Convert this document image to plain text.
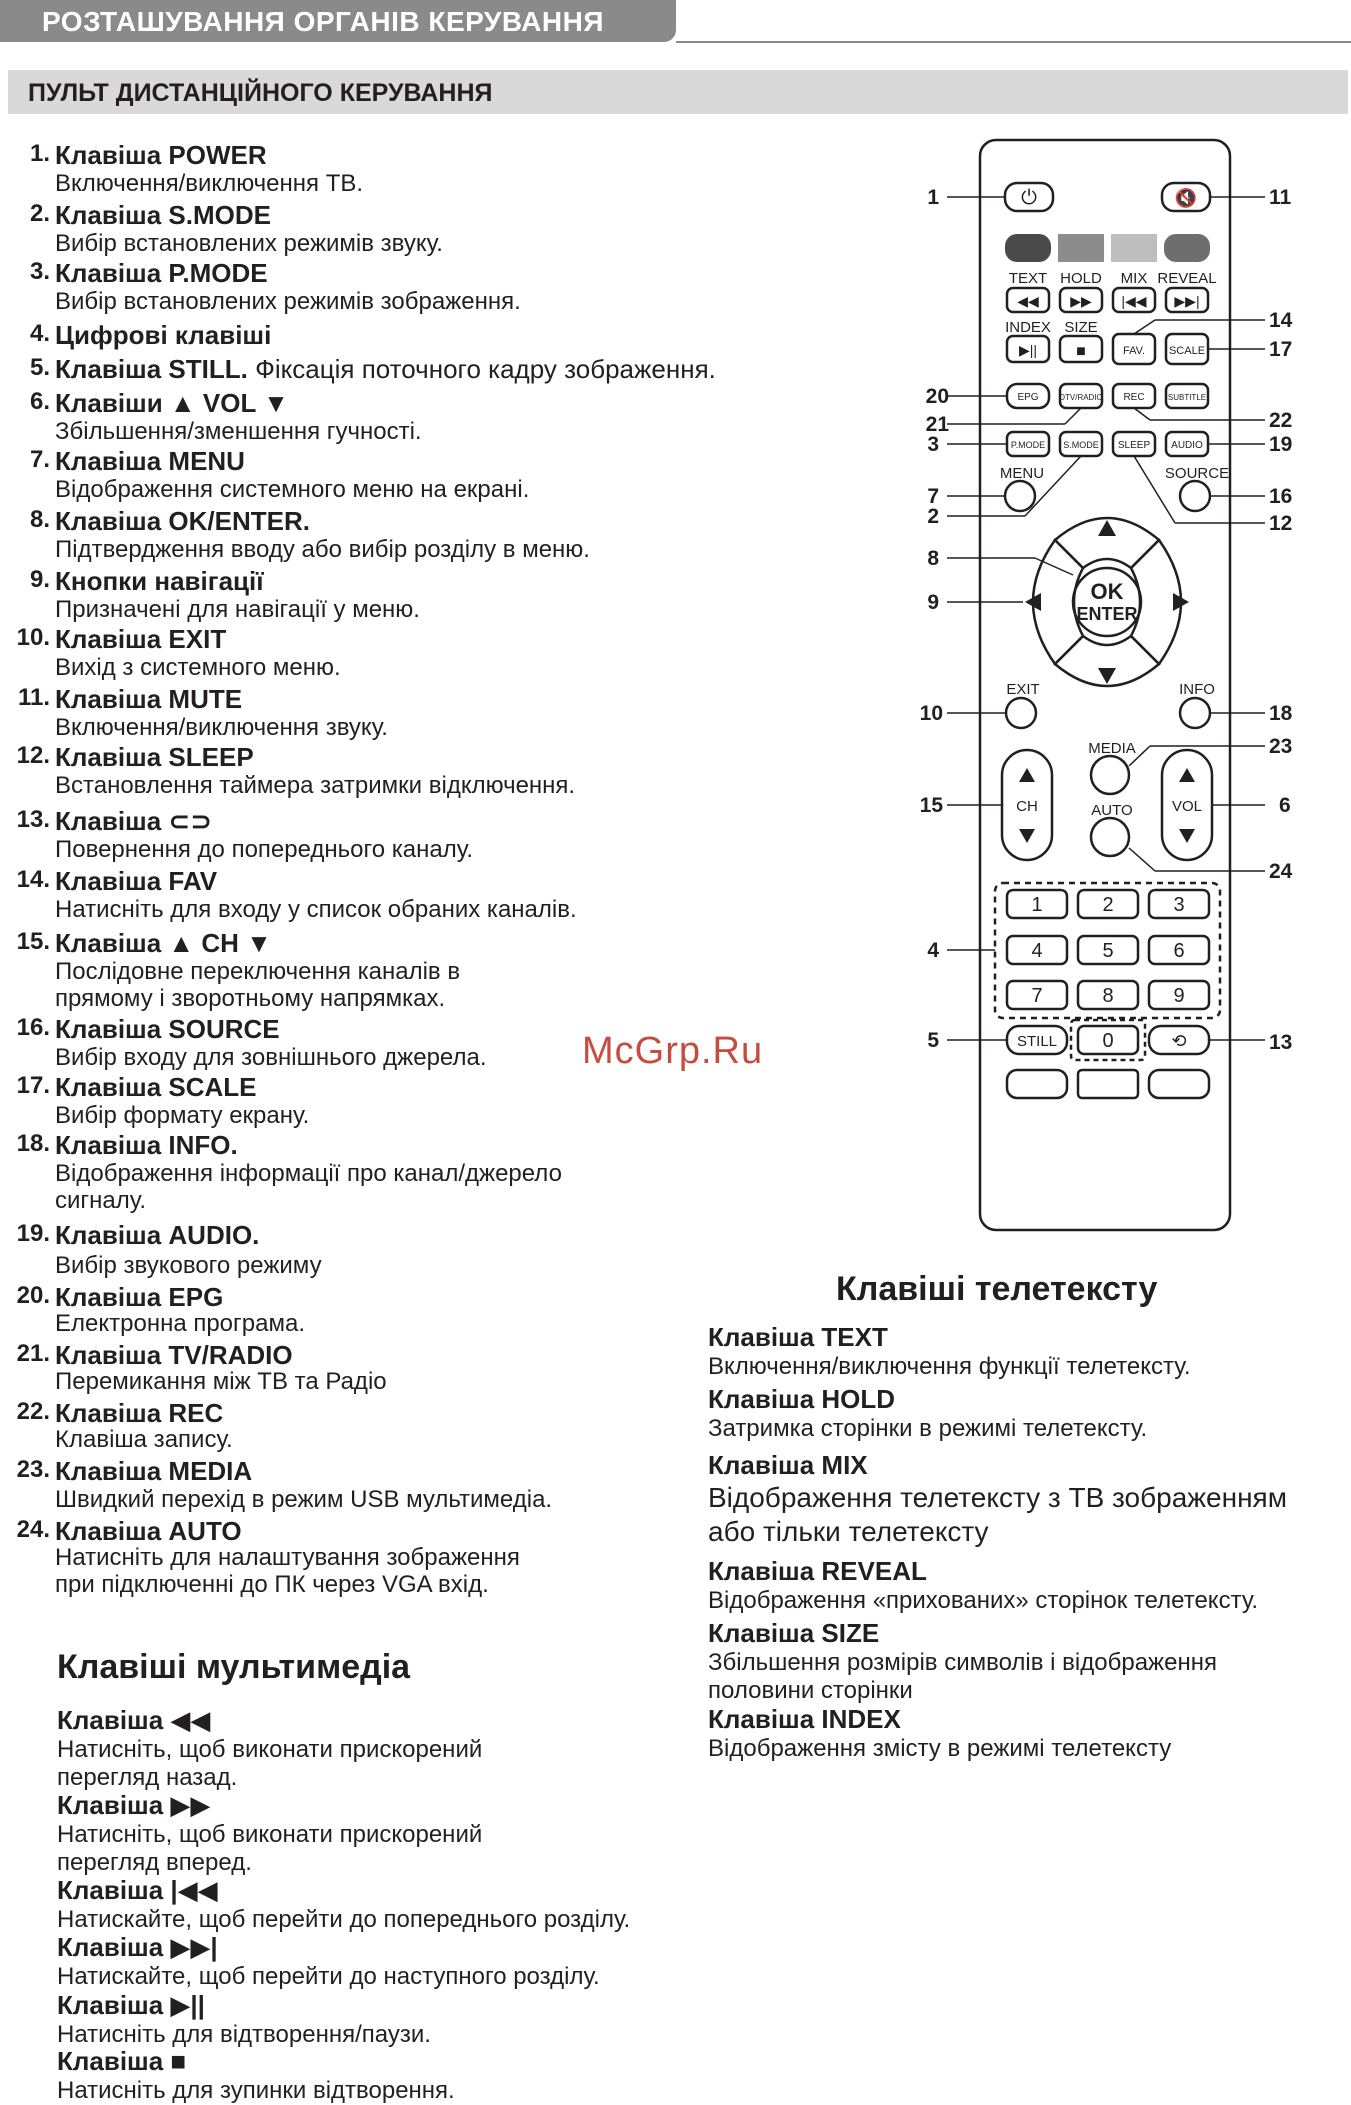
РОЗТАШУВАННЯ ОРГАНІВ КЕРУВАННЯ
ПУЛЬТ ДИСТАНЦІЙНОГО КЕРУВАННЯ
1. Клавіша POWER
Включення/виключення ТВ.
2. Клавіша S.MODE
Вибір встановлених режимів звуку.
3. Клавіша P.MODE
Вибір встановлених режимів зображення.
4. Цифрові клавіші
5. Клавіша STILL. Фіксація поточного кадру зображення.
6. Клавіши ▲ VOL ▼
Збільшення/зменшення гучності.
7. Клавіша MENU
Відображення системного меню на екрані.
8. Клавіша OK/ENTER.
Підтвердження вводу або вибір розділу в меню.
9. Кнопки навігації
Призначені для навігації у меню.
10. Клавіша EXIT
Вихід з системного меню.
11. Клавіша MUTE
Включення/виключення звуку.
12. Клавіша SLEEP
Встановлення таймера затримки відключення.
13. Клавіша ⊂⊃
Повернення до попереднього каналу.
14. Клавіша FAV
Натисніть для входу у список обраних каналів.
15. Клавіша ▲ CH ▼
Послідовне переключення каналів в
прямому і зворотньому напрямках.
16. Клавіша SOURCE
Вибір входу для зовнішнього джерела.
17. Клавіша SCALE
Вибір формату екрану.
18. Клавіша INFO.
Відображення інформації про канал/джерело
сигналу.
19. Клавіша AUDIO.
Вибір звукового режиму
20. Клавіша EPG
Електронна програма.
21. Клавіша TV/RADIO
Перемикання між ТВ та Радіо
22. Клавіша REC
Клавіша запису.
23. Клавіша MEDIA
Швидкий перехід в режим USB мультимедіа.
24. Клавіша AUTO
Натисніть для налаштування зображення
при підключенні до ПК через VGA вхід.
Клавіші мультимедіа
Клавіша ◀◀
Натисніть, щоб виконати прискорений
перегляд назад.
Клавіша ▶▶
Натисніть, щоб виконати прискорений
перегляд вперед.
Клавіша |◀◀
Натискайте, щоб перейти до попереднього розділу.
Клавіша ▶▶|
Натискайте, щоб перейти до наступного розділу.
Клавіша ▶||
Натисніть для відтворення/паузи.
Клавіша ■
Натисніть для зупинки відтворення.
Клавіші телетексту
Клавіша TEXT
Включення/виключення функції телетексту.
Клавіша HOLD
Затримка сторінки в режимі телетексту.
Клавіша MIX
Відображення телетексту з ТВ зображенням
або тільки телетексту
Клавіша REVEAL
Відображення «прихованих» сторінок телетексту.
Клавіша SIZE
Збільшення розмірів символів і відображення
половини сторінки
Клавіша INDEX
Відображення змісту в режимі телетексту
McGrp.Ru
⏻	🔇
TEXT HOLD MIX REVEAL
◀◀ ▶▶ |◀◀ ▶▶|
INDEX SIZE
▶|| ■	FAV. SCALE
EPG	DTV/RADIO REC	SUBTITLE
P.MODE S.MODE SLEEP AUDIO
MENU	SOURCE
OK
ENTER
EXIT	INFO
CH	VOL
MEDIA
AUTO
1	2	3
4	5	6
7	8	9
STILL 0	⟲
1	11
14
17
20
22
21
3	19
7	16
2	12
8
9
10	18
23
15	6
24
4
5	13
